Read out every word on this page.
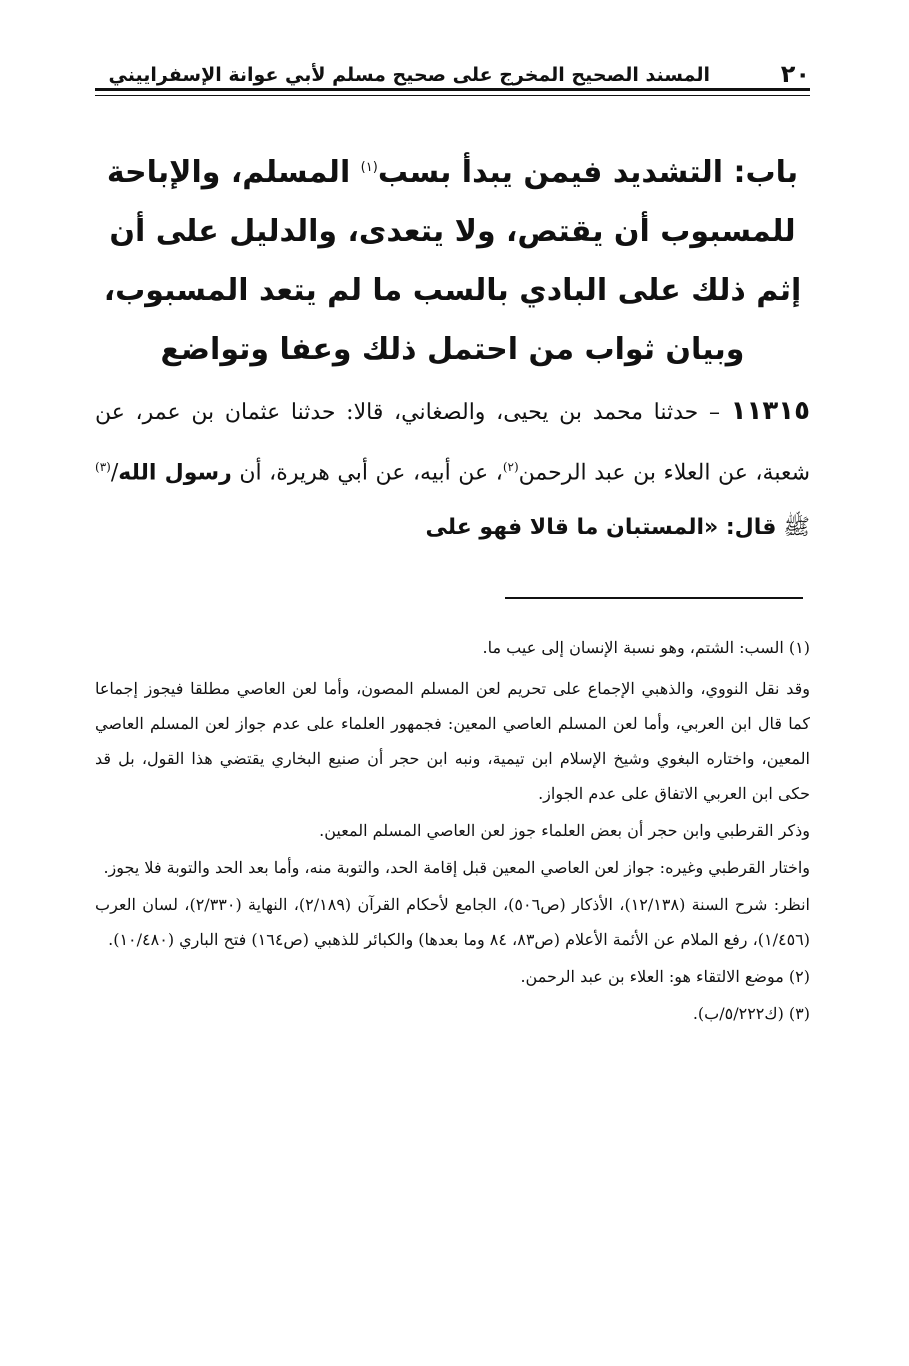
٢٠
المسند الصحيح المخرج على صحيح مسلم لأبي عوانة الإسفراييني
باب: التشديد فيمن يبدأ بسب$^{(١)}$ المسلم، والإباحة للمسبوب أن يقتص، ولا يتعدى، والدليل على أن إثم ذلك على البادي بالسب ما لم يتعد المسبوب، وبيان ثواب من احتمل ذلك وعفا وتواضع
١١٣١٥ – حدثنا محمد بن يحيى، والصغاني، قالا: حدثنا عثمان بن عمر، عن شعبة، عن العلاء بن عبد الرحمن$^{(٢)}$، عن أبيه، عن أبي هريرة، أن رسول الله/$^{(٣)}$ ﷺ قال: «المستبان ما قالا فهو على
(١) السب: الشتم، وهو نسبة الإنسان إلى عيب ما.
وقد نقل النووي، والذهبي الإجماع على تحريم لعن المسلم المصون، وأما لعن العاصي مطلقا فيجوز إجماعا كما قال ابن العربي، وأما لعن المسلم العاصي المعين: فجمهور العلماء على عدم جواز لعن المسلم العاصي المعين، واختاره البغوي وشيخ الإسلام ابن تيمية، ونبه ابن حجر أن صنيع البخاري يقتضي هذا القول، بل قد حكى ابن العربي الاتفاق على عدم الجواز.
وذكر القرطبي وابن حجر أن بعض العلماء جوز لعن العاصي المسلم المعين.
واختار القرطبي وغيره: جواز لعن العاصي المعين قبل إقامة الحد، والتوبة منه، وأما بعد الحد والتوبة فلا يجوز.
انظر: شرح السنة (١٢/١٣٨)، الأذكار (ص٥٠٦)، الجامع لأحكام القرآن (٢/١٨٩)، النهاية (٢/٣٣٠)، لسان العرب (١/٤٥٦)، رفع الملام عن الأئمة الأعلام (ص٨٣، ٨٤ وما بعدها) والكبائر للذهبي (ص١٦٤) فتح الباري (١٠/٤٨٠).
(٢) موضع الالتقاء هو: العلاء بن عبد الرحمن.
(٣) (ك٥/٢٢٢/ب).
